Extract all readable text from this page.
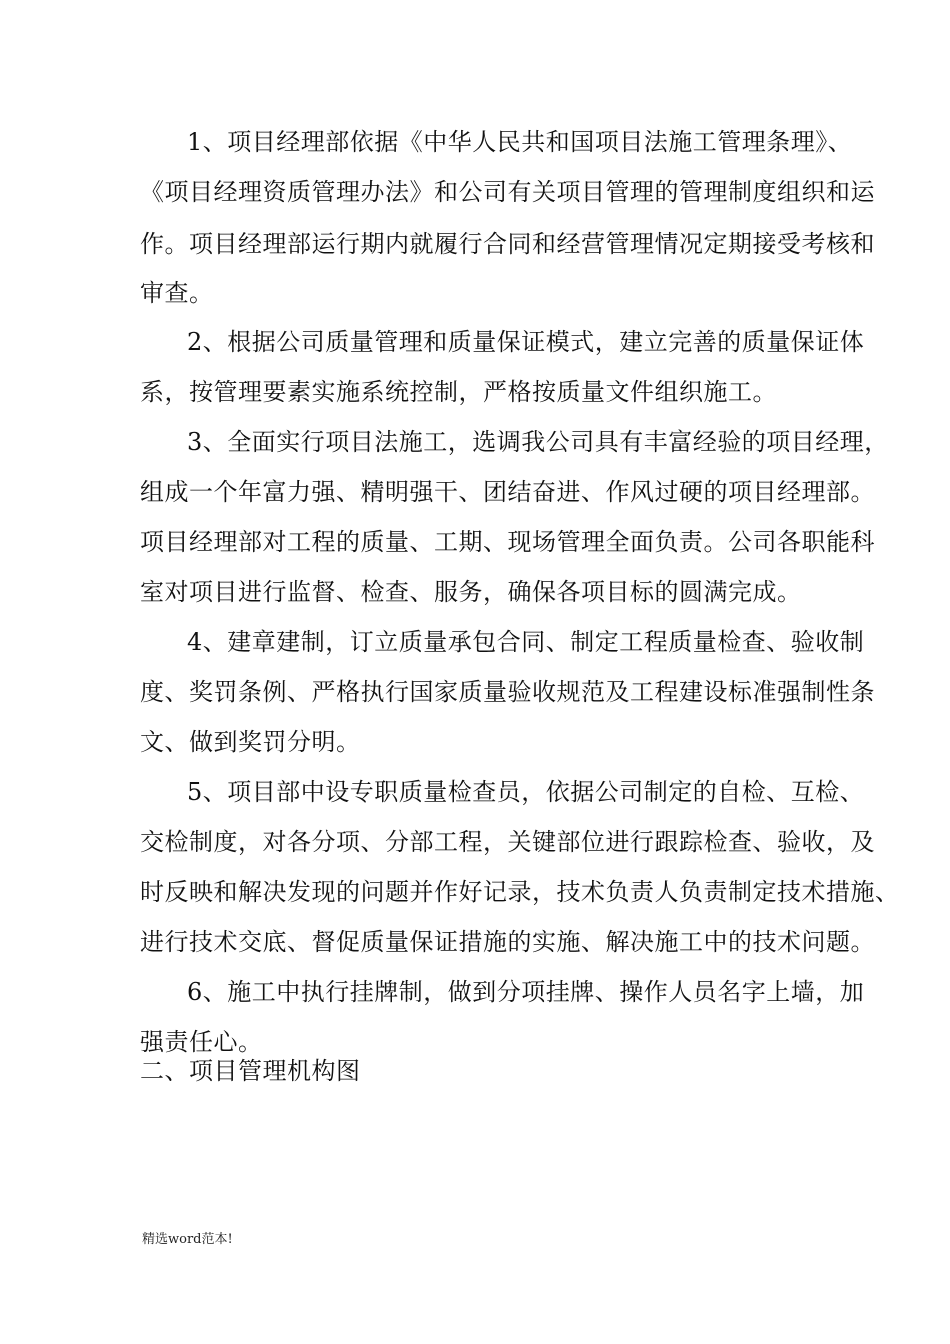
1、项目经理部依据《中华人民共和国项目法施工管理条理》、
《项目经理资质管理办法》和公司有关项目管理的管理制度组织和运
作。项目经理部运行期内就履行合同和经营管理情况定期接受考核和
审查。
2、根据公司质量管理和质量保证模式，建立完善的质量保证体
系，按管理要素实施系统控制，严格按质量文件组织施工。
3、全面实行项目法施工，选调我公司具有丰富经验的项目经理，
组成一个年富力强、精明强干、团结奋进、作风过硬的项目经理部。
项目经理部对工程的质量、工期、现场管理全面负责。公司各职能科
室对项目进行监督、检查、服务，确保各项目标的圆满完成。
4、建章建制，订立质量承包合同、制定工程质量检查、验收制
度、奖罚条例、严格执行国家质量验收规范及工程建设标准强制性条
文、做到奖罚分明。
5、项目部中设专职质量检查员，依据公司制定的自检、互检、
交检制度，对各分项、分部工程，关键部位进行跟踪检查、验收，及
时反映和解决发现的问题并作好记录，技术负责人负责制定技术措施、
进行技术交底、督促质量保证措施的实施、解决施工中的技术问题。
6、施工中执行挂牌制，做到分项挂牌、操作人员名字上墙，加
强责任心。
二、项目管理机构图
精选word范本!
